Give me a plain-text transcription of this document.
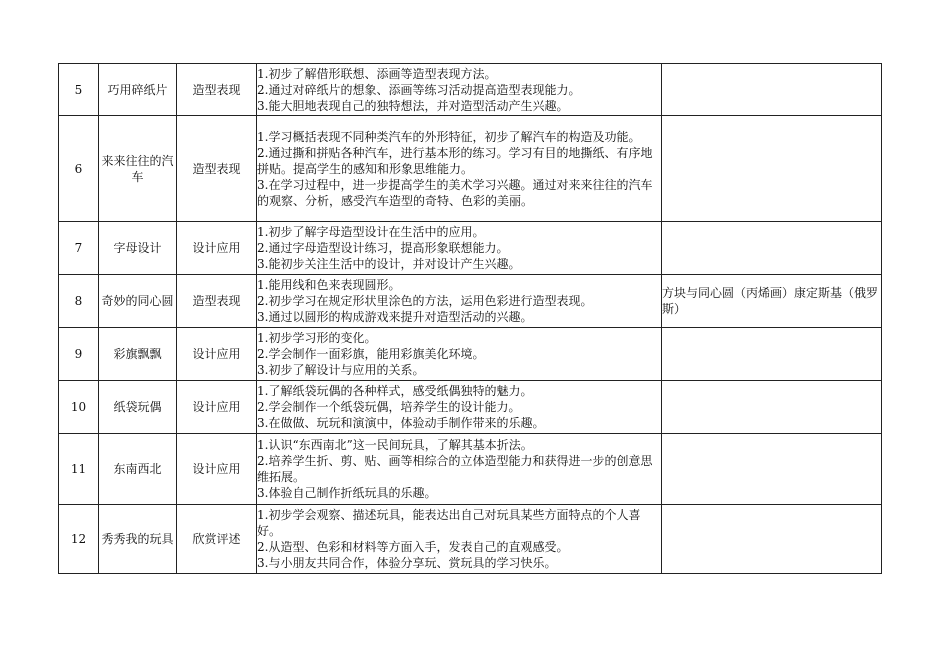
5	巧用碎纸片	造型表现	1.初步了解借形联想、添画等造型表现方法。
2.通过对碎纸片的想象、添画等练习活动提高造型表现能力。
3.能大胆地表现自己的独特想法，并对造型活动产生兴趣。	

6	来来往往的汽车	造型表现	1.学习概括表现不同种类汽车的外形特征，初步了解汽车的构造及功能。
2.通过撕和拼贴各种汽车，进行基本形的练习。学习有目的地撕纸、有序地拼贴。提高学生的感知和形象思维能力。
3.在学习过程中，进一步提高学生的美术学习兴趣。通过对来来往往的汽车的观察、分析，感受汽车造型的奇特、色彩的美丽。	

7	字母设计	设计应用	1.初步了解字母造型设计在生活中的应用。
2.通过字母造型设计练习，提高形象联想能力。
3.能初步关注生活中的设计，并对设计产生兴趣。	

8	奇妙的同心圆	造型表现	1.能用线和色来表现圆形。
2.初步学习在规定形状里涂色的方法，运用色彩进行造型表现。
3.通过以圆形的构成游戏来提升对造型活动的兴趣。	方块与同心圆（丙烯画）康定斯基（俄罗斯）
9	彩旗飘飘	设计应用	1.初步学习形的变化。
2.学会制作一面彩旗，能用彩旗美化环境。
3.初步了解设计与应用的关系。	

10	纸袋玩偶	设计应用	1.了解纸袋玩偶的各种样式，感受纸偶独特的魅力。
2.学会制作一个纸袋玩偶，培养学生的设计能力。
3.在做做、玩玩和演演中，体验动手制作带来的乐趣。	

11	东南西北	设计应用	1.认识“东西南北”这一民间玩具，了解其基本折法。
2.培养学生折、剪、贴、画等相综合的立体造型能力和获得进一步的创意思维拓展。
3.体验自己制作折纸玩具的乐趣。	

12	秀秀我的玩具	欣赏评述	1.初步学会观察、描述玩具，能表达出自己对玩具某些方面特点的个人喜好。
2.从造型、色彩和材料等方面入手，发表自己的直观感受。
3.与小朋友共同合作，体验分享玩、赏玩具的学习快乐。	
